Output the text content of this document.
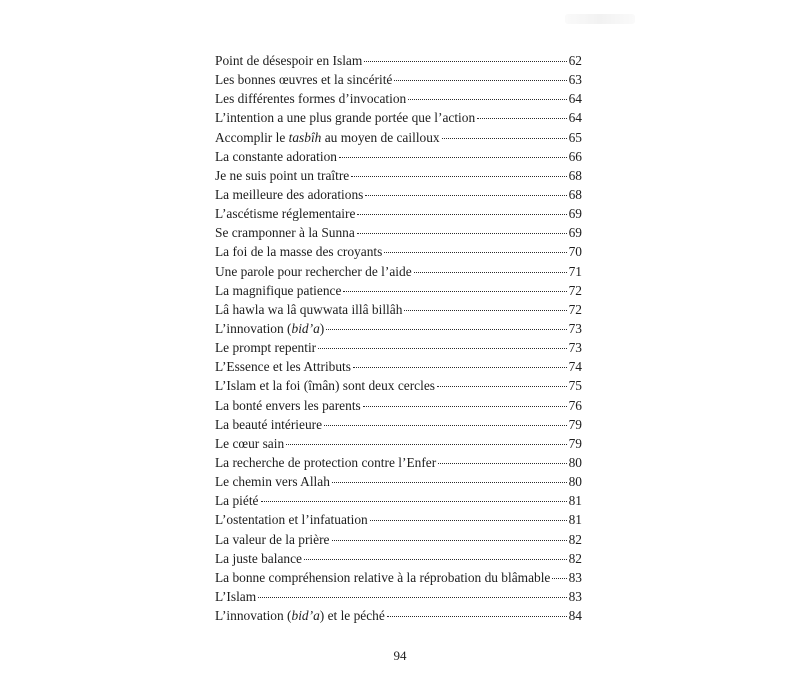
Point de désespoir en Islam	62
Les bonnes œuvres et la sincérité	63
Les différentes formes d’invocation	64
L’intention a une plus grande portée que l’action	64
Accomplir le tasbîh au moyen de cailloux	65
La constante adoration	66
Je ne suis point un traître	68
La meilleure des adorations	68
L’ascétisme réglementaire	69
Se cramponner à la Sunna	69
La foi de la masse des croyants	70
Une parole pour rechercher de l’aide	71
La magnifique patience	72
Lâ hawla wa lâ quwwata illâ billâh	72
L’innovation (bid’a)	73
Le prompt repentir	73
L’Essence et les Attributs	74
L’Islam et la foi (îmân) sont deux cercles	75
La bonté envers les parents	76
La beauté intérieure	79
Le cœur sain	79
La recherche de protection contre l’Enfer	80
Le chemin vers Allah	80
La piété	81
L’ostentation et l’infatuation	81
La valeur de la prière	82
La juste balance	82
La bonne compréhension relative à la réprobation du blâmable 83
L’Islam	83
L’innovation (bid’a) et le péché	84
94
